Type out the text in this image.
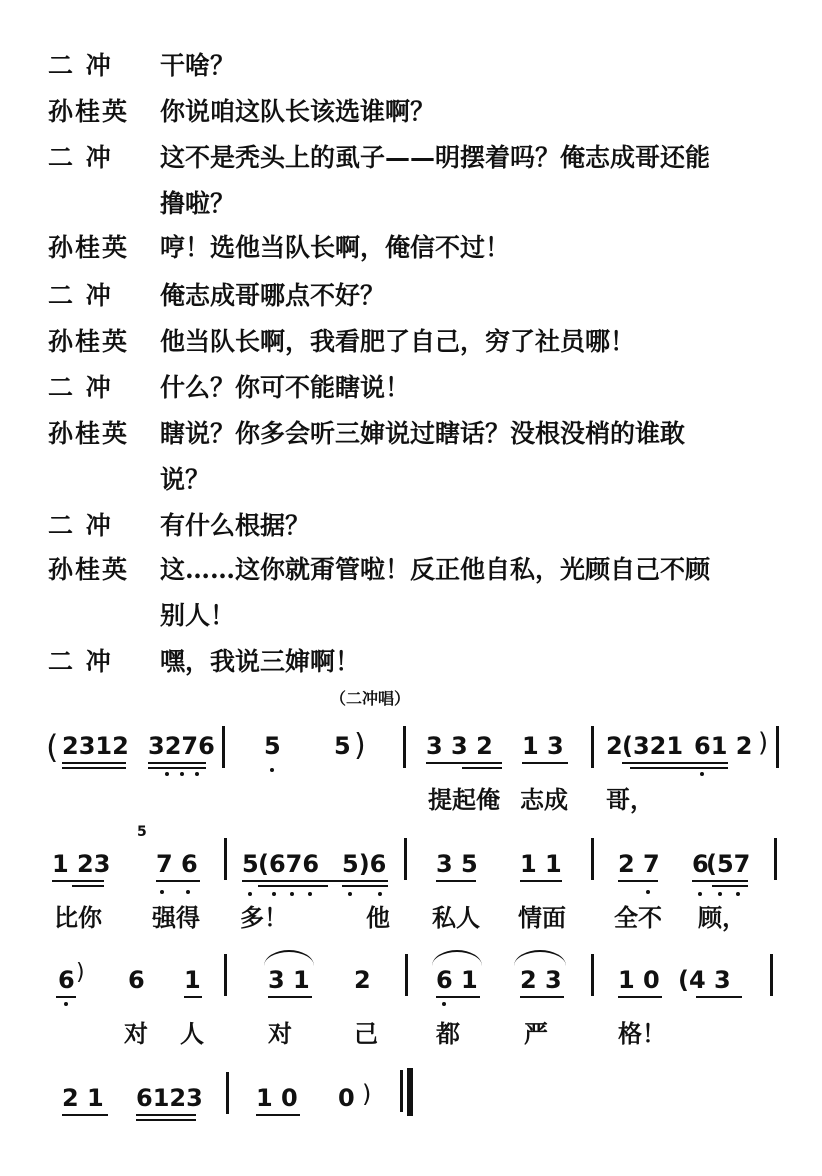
二 冲 干啥？
孙桂英 你说咱这队长该选谁啊？
二 冲 这不是秃头上的虱子——明摆着吗？俺志成哥还能
撸啦？
孙桂英 哼！选他当队长啊，俺信不过！
二 冲 俺志成哥哪点不好？
孙桂英 他当队长啊，我看肥了自己，穷了社员哪！
二 冲 什么？你可不能瞎说！
孙桂英 瞎说？你多会听三婶说过瞎话？没根没梢的谁敢
说？
二 冲 有什么根据？
孙桂英 这……这你就甭管啦！反正他自私，光顾自己不顾
别人！
二 冲 嘿，我说三婶啊！
（二冲唱）
( 2312 3276 5 5 )	3 3 2 1 3 2 (321 61 2 )
提起俺 志成 哥，
5
1 23 7 6 5 (676 5)6 3 5 1 1 2 7 6
(57
比你 强得 多！	他 私人 情面 全不 顾，
6 ) 6 1	3 1 2	6 1 2 3 1 0 (4 3
对 人	对	己 都	严	格！
2 1 6123 1 0 0 )
